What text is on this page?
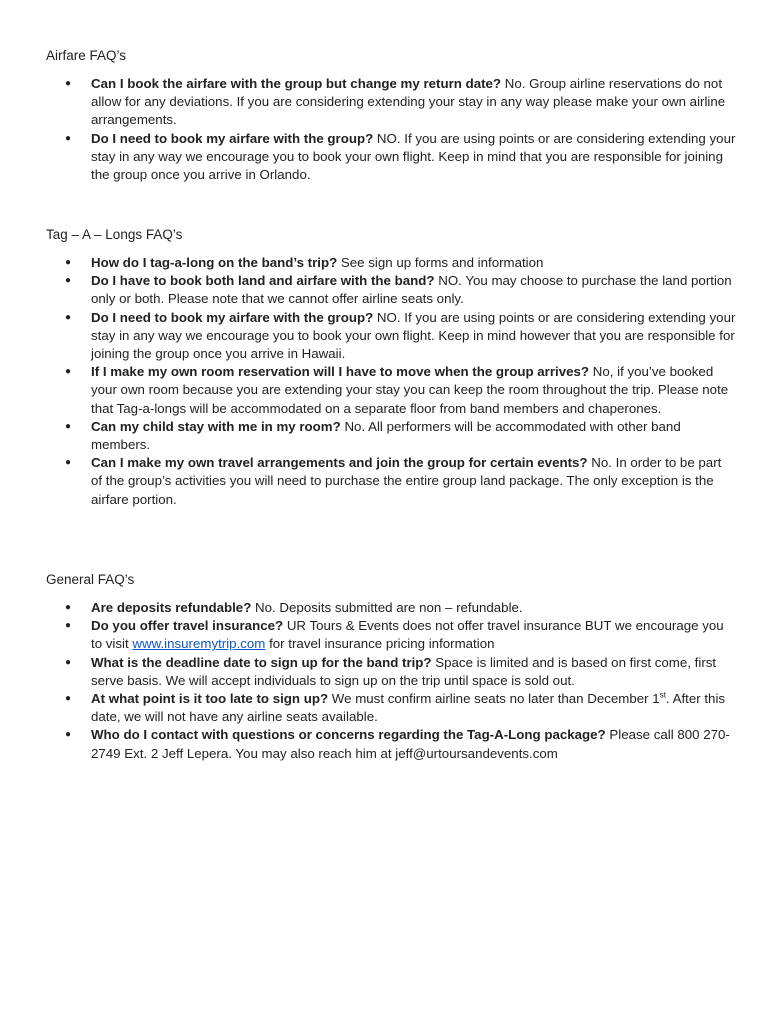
Airfare FAQ’s
● Can I book the airfare with the group but change my return date? No. Group airline reservations do not allow for any deviations. If you are considering extending your stay in any way please make your own airline arrangements.
● Do I need to book my airfare with the group? NO. If you are using points or are considering extending your stay in any way we encourage you to book your own flight. Keep in mind that you are responsible for joining the group once you arrive in Orlando.
Tag – A – Longs FAQ’s
● How do I tag-a-long on the band’s trip? See sign up forms and information
● Do I have to book both land and airfare with the band? NO. You may choose to purchase the land portion only or both. Please note that we cannot offer airline seats only.
● Do I need to book my airfare with the group? NO. If you are using points or are considering extending your stay in any way we encourage you to book your own flight. Keep in mind however that you are responsible for joining the group once you arrive in Hawaii.
● If I make my own room reservation will I have to move when the group arrives? No, if you’ve booked your own room because you are extending your stay you can keep the room throughout the trip. Please note that Tag-a-longs will be accommodated on a separate floor from band members and chaperones.
● Can my child stay with me in my room? No. All performers will be accommodated with other band members.
● Can I make my own travel arrangements and join the group for certain events? No. In order to be part of the group’s activities you will need to purchase the entire group land package. The only exception is the airfare portion.
General FAQ’s
● Are deposits refundable? No. Deposits submitted are non – refundable.
● Do you offer travel insurance? UR Tours & Events does not offer travel insurance BUT we encourage you to visit www.insuremytrip.com for travel insurance pricing information
● What is the deadline date to sign up for the band trip? Space is limited and is based on first come, first serve basis. We will accept individuals to sign up on the trip until space is sold out.
● At what point is it too late to sign up? We must confirm airline seats no later than December 1st. After this date, we will not have any airline seats available.
● Who do I contact with questions or concerns regarding the Tag-A-Long package? Please call 800 270-2749 Ext. 2 Jeff Lepera. You may also reach him at jeff@urtoursandevents.com
